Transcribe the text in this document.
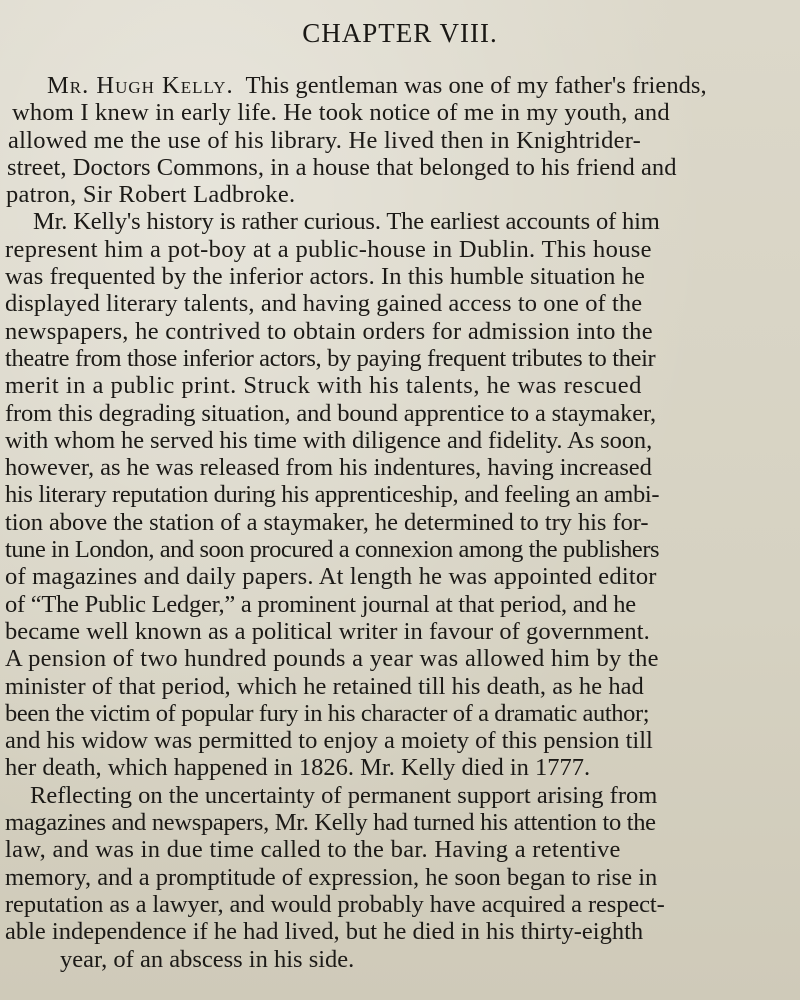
CHAPTER VIII.
Mr. Hugh Kelly.  This gentleman was one of my father's friends,
whom I knew in early life. He took notice of me in my youth, and
allowed me the use of his library. He lived then in Knightrider-
street, Doctors Commons, in a house that belonged to his friend and
patron, Sir Robert Ladbroke.
Mr. Kelly's history is rather curious. The earliest accounts of him
represent him a pot-boy at a public-house in Dublin. This house
was frequented by the inferior actors. In this humble situation he
displayed literary talents, and having gained access to one of the
newspapers, he contrived to obtain orders for admission into the
theatre from those inferior actors, by paying frequent tributes to their
merit in a public print. Struck with his talents, he was rescued
from this degrading situation, and bound apprentice to a staymaker,
with whom he served his time with diligence and fidelity. As soon,
however, as he was released from his indentures, having increased
his literary reputation during his apprenticeship, and feeling an ambi-
tion above the station of a staymaker, he determined to try his for-
tune in London, and soon procured a connexion among the publishers
of magazines and daily papers. At length he was appointed editor
of “The Public Ledger,” a prominent journal at that period, and he
became well known as a political writer in favour of government.
A pension of two hundred pounds a year was allowed him by the
minister of that period, which he retained till his death, as he had
been the victim of popular fury in his character of a dramatic author;
and his widow was permitted to enjoy a moiety of this pension till
her death, which happened in 1826. Mr. Kelly died in 1777.
Reflecting on the uncertainty of permanent support arising from
magazines and newspapers, Mr. Kelly had turned his attention to the
law, and was in due time called to the bar. Having a retentive
memory, and a promptitude of expression, he soon began to rise in
reputation as a lawyer, and would probably have acquired a respect-
able independence if he had lived, but he died in his thirty-eighth
year, of an abscess in his side.
